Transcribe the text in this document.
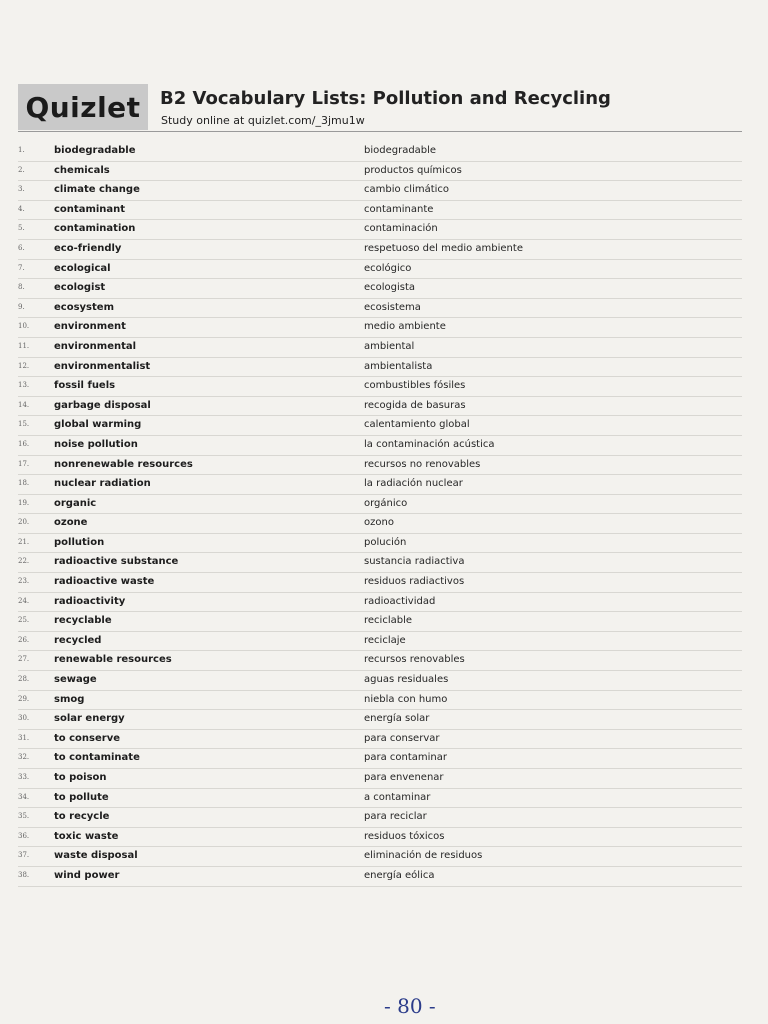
Quizlet B2 Vocabulary Lists: Pollution and Recycling
Study online at quizlet.com/_3jmu1w
1.	biodegradable	biodegradable
2.	chemicals	productos químicos
3.	climate change	cambio climático
4.	contaminant	contaminante
5.	contamination	contaminación
6.	eco-friendly	respetuoso del medio ambiente
7.	ecological	ecológico
8.	ecologist	ecologista
9.	ecosystem	ecosistema
10. environment	medio ambiente
11. environmental	ambiental
12. environmentalist	ambientalista
13. fossil fuels	combustibles fósiles
14. garbage disposal	recogida de basuras
15. global warming	calentamiento global
16. noise pollution	la contaminación acústica
17. nonrenewable resources	recursos no renovables
18. nuclear radiation	la radiación nuclear
19. organic	orgánico
20. ozone	ozono
21. pollution	polución
22. radioactive substance	sustancia radiactiva
23. radioactive waste	residuos radiactivos
24. radioactivity	radioactividad
25. recyclable	reciclable
26. recycled	reciclaje
27. renewable resources	recursos renovables
28. sewage	aguas residuales
29. smog	niebla con humo
30. solar energy	energía solar
31. to conserve	para conservar
32. to contaminate	para contaminar
33. to poison	para envenenar
34. to pollute	a contaminar
35. to recycle	para reciclar
36. toxic waste	residuos tóxicos
37. waste disposal	eliminación de residuos
38. wind power	energía eólica
- 80 -
